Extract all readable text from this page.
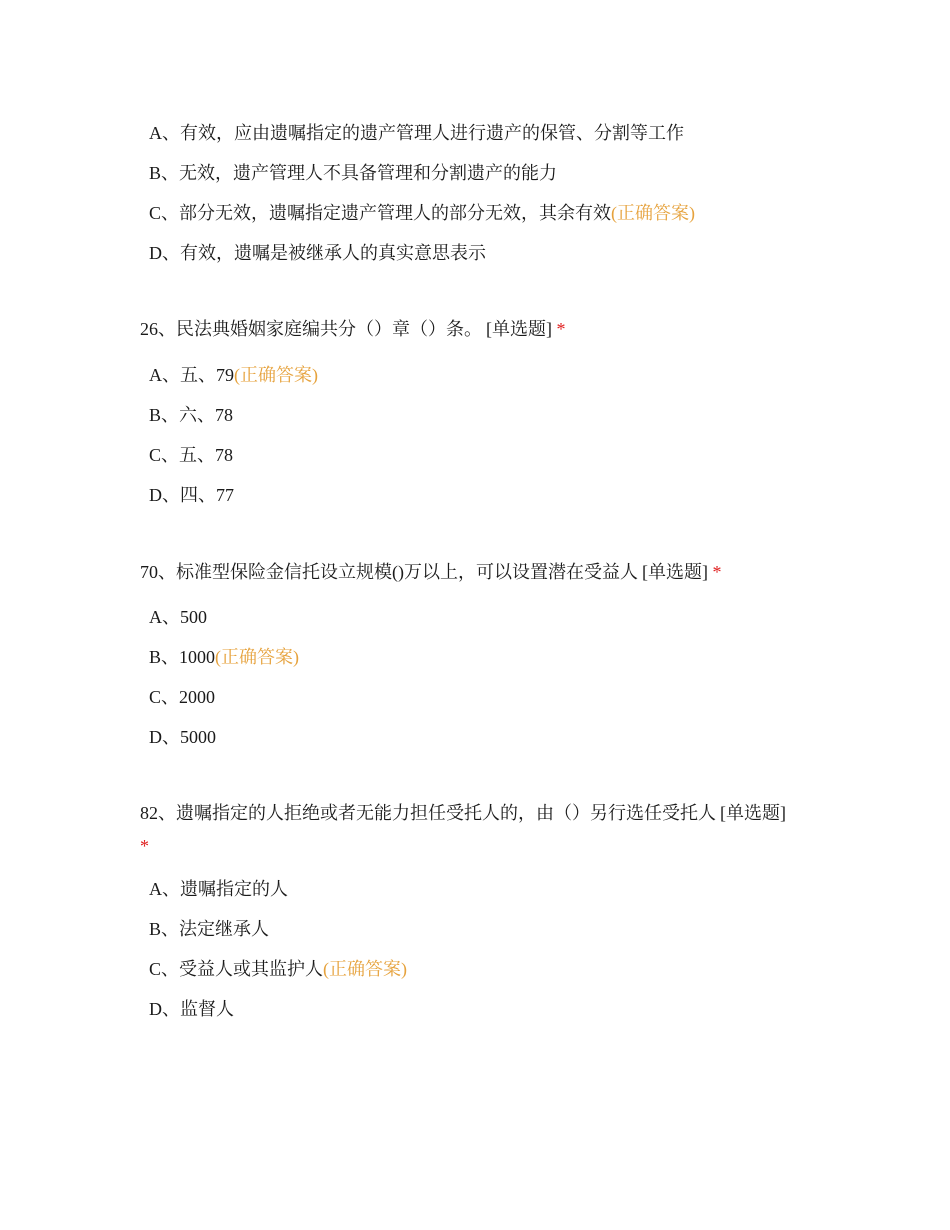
A、有效，应由遗嘱指定的遗产管理人进行遗产的保管、分割等工作
B、无效，遗产管理人不具备管理和分割遗产的能力
C、部分无效，遗嘱指定遗产管理人的部分无效，其余有效(正确答案)
D、有效，遗嘱是被继承人的真实意思表示
26、民法典婚姻家庭编共分（）章（）条。 [单选题] *
A、五、79(正确答案)
B、六、78
C、五、78
D、四、77
70、标准型保险金信托设立规模()万以上，可以设置潜在受益人 [单选题] *
A、500
B、1000(正确答案)
C、2000
D、5000
82、遗嘱指定的人拒绝或者无能力担任受托人的，由（）另行选任受托人 [单选题]
*
A、遗嘱指定的人
B、法定继承人
C、受益人或其监护人(正确答案)
D、监督人
